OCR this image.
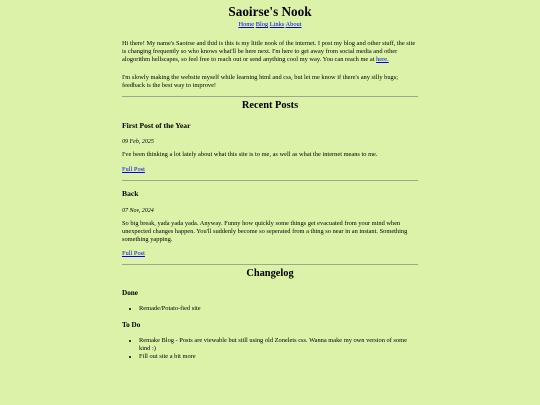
Saoirse's Nook
Home Blog Links About

Hi there! My name's Saoirse and thid is this is my little nook of the internet. I post my blog and other stuff, the site is changing frequently so who knows what'll be here next. I'm here to get away from social media and other alogorithm hellscapes, so feel free to reach out or send anything cool my way. You can reach me at here.

I'm slowly making the website myself while learning html and css, but let me know if there's any silly bugs; feedback is the best way to improve!

Recent Posts
First Post of the Year
09 Feb, 2025

I've been thinking a lot lately about what this site is to me, as well as what the internet means to me.

Full Post
Back
07 Nov, 2024

So big break, yada yada yada. Anyway. Funny how quickly some things get evacuated from your mind when unexpected changes happen. You'll suddenly become so seperated from a thing so near in an instant. Something something yapping.

Full Post
Changelog
Done
• Remade/Potato-fied site
To Do
• Remake Blog - Posts are viewable but still using old Zonelets css. Wanna make my own version of some kind :)
• Fill out site a bit more
